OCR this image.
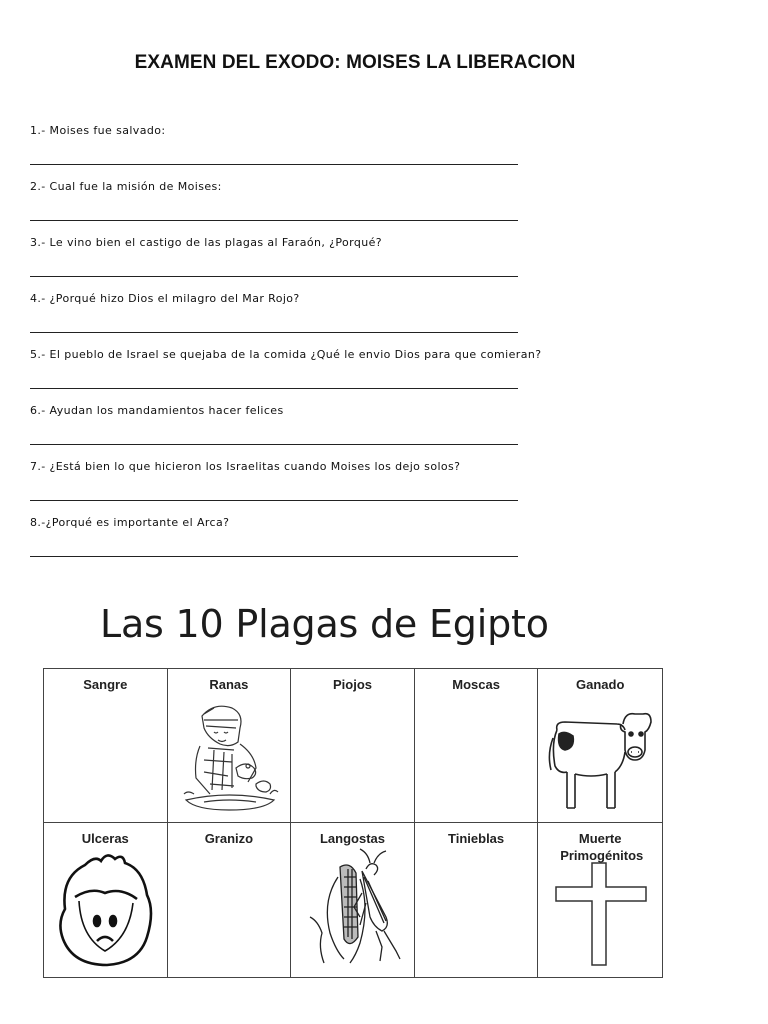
EXAMEN DEL EXODO: MOISES LA LIBERACION
1.- Moises fue salvado:
2.- Cual fue la misión de Moises:
3.- Le vino bien el castigo de las plagas al Faraón, ¿Porqué?
4.- ¿Porqué hizo Dios el milagro del Mar Rojo?
5.- El pueblo de Israel se quejaba de la comida ¿Qué le envio Dios para que comieran?
6.- Ayudan los mandamientos hacer felices
7.- ¿Está bien lo que hicieron los Israelitas cuando Moises los dejo solos?
8.-¿Porqué es importante el Arca?
Las 10 Plagas de Egipto
Sangre	Ranas	Piojos	Moscas	Ganado
Ulceras	Granizo	Langostas	Tinieblas	Muerte Primogénitos
